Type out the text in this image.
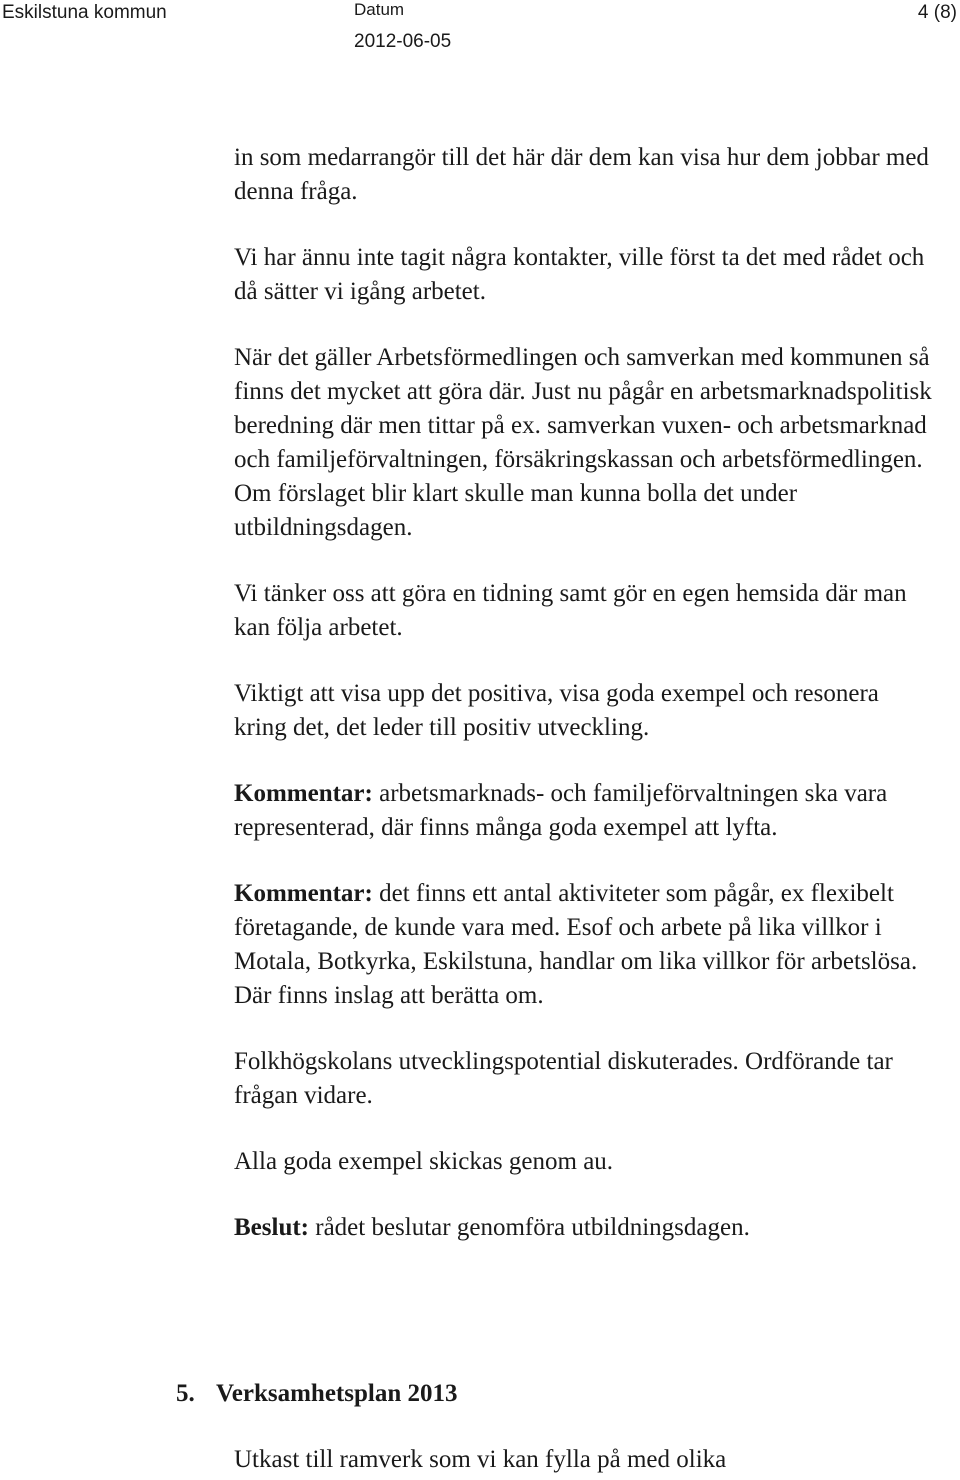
Eskilstuna kommun	Datum
2012-06-05
4 (8)

in som medarrangör till det här där dem kan visa hur dem jobbar med denna fråga.

Vi har ännu inte tagit några kontakter, ville först ta det med rådet och då sätter vi igång arbetet.

När det gäller Arbetsförmedlingen och samverkan med kommunen så finns det mycket att göra där. Just nu pågår en arbetsmarknadspolitisk beredning där men tittar på ex. samverkan vuxen- och arbetsmarknad och familjeförvaltningen, försäkringskassan och arbetsförmedlingen. Om förslaget blir klart skulle man kunna bolla det under utbildningsdagen.

Vi tänker oss att göra en tidning samt gör en egen hemsida där man kan följa arbetet.

Viktigt att visa upp det positiva, visa goda exempel och resonera kring det, det leder till positiv utveckling.

Kommentar: arbetsmarknads- och familjeförvaltningen ska vara representerad, där finns många goda exempel att lyfta.

Kommentar: det finns ett antal aktiviteter som pågår, ex flexibelt företagande, de kunde vara med. Esof och arbete på lika villkor i Motala, Botkyrka, Eskilstuna, handlar om lika villkor för arbetslösa. Där finns inslag att berätta om.

Folkhögskolans utvecklingspotential diskuterades. Ordförande tar frågan vidare.

Alla goda exempel skickas genom au.

Beslut: rådet beslutar genomföra utbildningsdagen.

5. Verksamhetsplan 2013
Utkast till ramverk som vi kan fylla på med olika
